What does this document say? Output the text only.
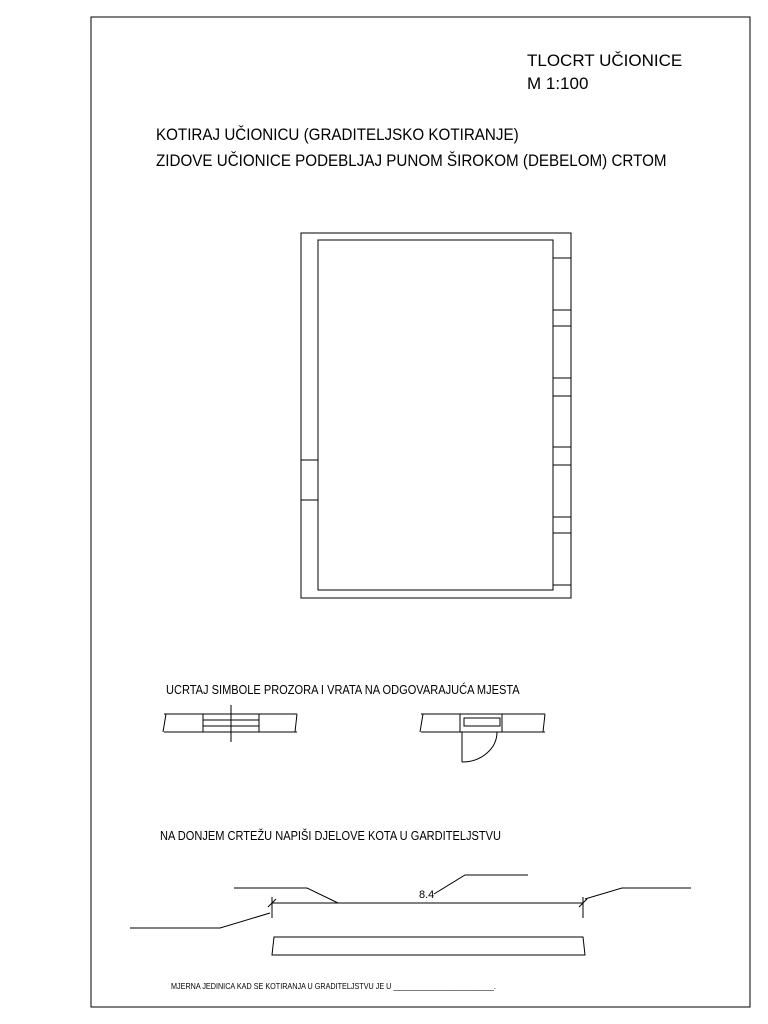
TLOCRT UČIONICE
M 1:100
KOTIRAJ UČIONICU (GRADITELJSKO KOTIRANJE)
ZIDOVE UČIONICE PODEBLJAJ PUNOM ŠIROKOM (DEBELOM) CRTOM
UCRTAJ SIMBOLE PROZORA I VRATA NA ODGOVARAJUĆA MJESTA
NA DONJEM CRTEŽU NAPIŠI DJELOVE KOTA U GARDITELJSTVU
8.4
MJERNA JEDINICA KAD SE KOTIRANJA U GRADITELJSTVU JE U _________________________.
